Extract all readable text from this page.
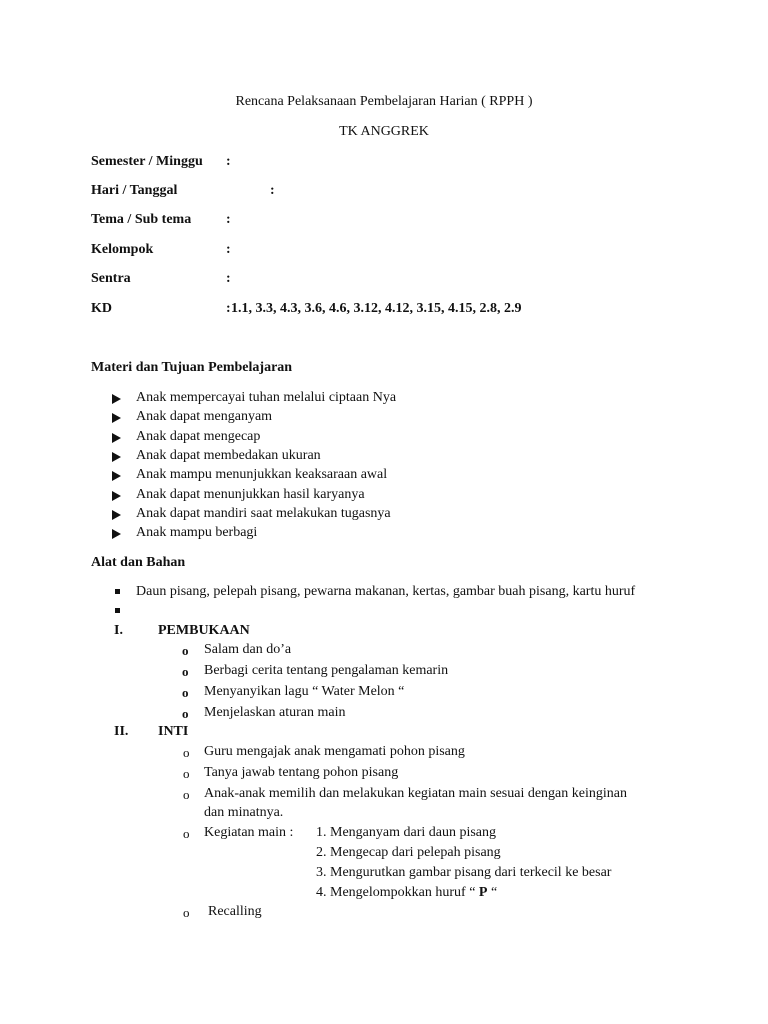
Rencana Pelaksanaan Pembelajaran Harian ( RPPH )
TK ANGGREK
Semester / Minggu :
Hari / Tanggal	:
Tema / Sub tema :
Kelompok	:
Sentra	:
KD	: 1.1, 3.3, 4.3, 3.6, 4.6, 3.12, 4.12, 3.15, 4.15, 2.8, 2.9
Materi dan Tujuan Pembelajaran
Anak mempercayai tuhan melalui ciptaan Nya
Anak dapat menganyam
Anak dapat mengecap
Anak dapat membedakan ukuran
Anak mampu menunjukkan keaksaraan awal
Anak dapat menunjukkan hasil karyanya
Anak dapat mandiri saat melakukan tugasnya
Anak mampu berbagi
Alat dan Bahan
Daun pisang, pelepah pisang, pewarna makanan, kertas, gambar buah pisang, kartu huruf
I.	PEMBUKAAN
o Salam dan do’a
o Berbagi cerita tentang pengalaman kemarin
o Menyanyikan lagu “ Water Melon “
o Menjelaskan aturan main
II. INTI
o Guru mengajak anak mengamati pohon pisang
o Tanya jawab tentang pohon pisang
o Anak-anak memilih dan melakukan kegiatan main sesuai dengan keinginan
dan minatnya.
o Kegiatan main : 1. Menganyam dari daun pisang
2. Mengecap dari pelepah pisang
3. Mengurutkan gambar pisang dari terkecil ke besar
4. Mengelompokkan huruf “ P “
o Recalling
